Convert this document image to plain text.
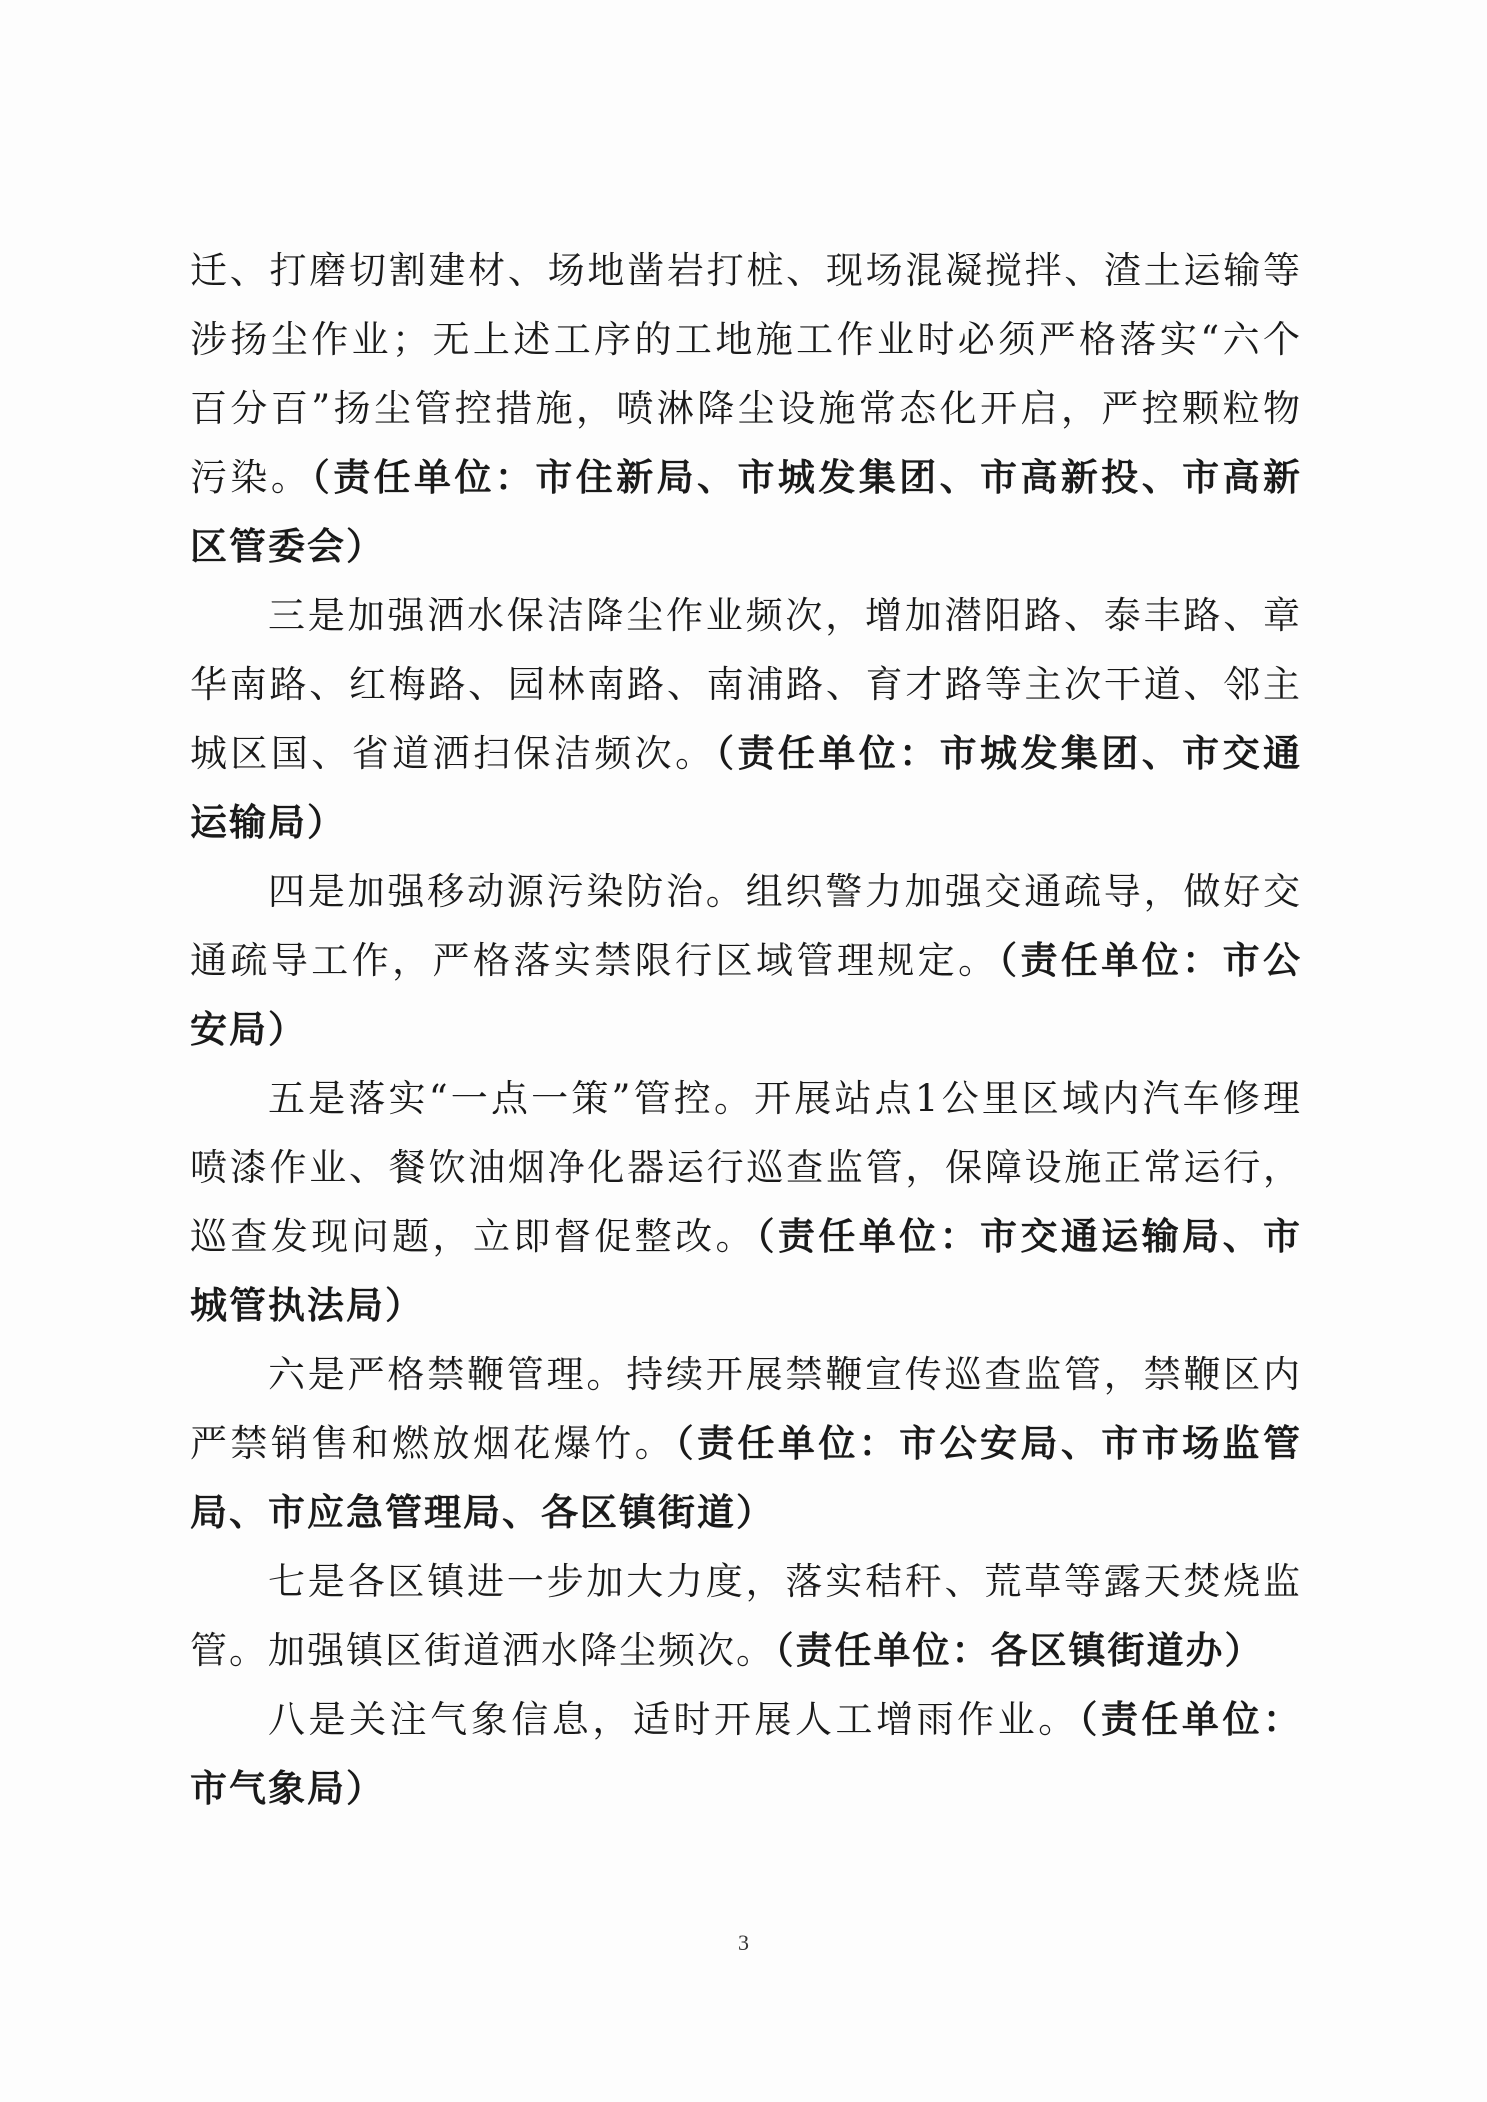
迁、打磨切割建材、场地凿岩打桩、现场混凝搅拌、渣土运输等涉扬尘作业；无上述工序的工地施工作业时必须严格落实“六个百分百”扬尘管控措施，喷淋降尘设施常态化开启，严控颗粒物污染。（责任单位：市住新局、市城发集团、市高新投、市高新区管委会）

三是加强洒水保洁降尘作业频次，增加潜阳路、泰丰路、章华南路、红梅路、园林南路、南浦路、育才路等主次干道、邻主城区国、省道洒扫保洁频次。（责任单位：市城发集团、市交通运输局）

四是加强移动源污染防治。组织警力加强交通疏导，做好交通疏导工作，严格落实禁限行区域管理规定。（责任单位：市公安局）

五是落实“一点一策”管控。开展站点1公里区域内汽车修理喷漆作业、餐饮油烟净化器运行巡查监管，保障设施正常运行，巡查发现问题，立即督促整改。（责任单位：市交通运输局、市城管执法局）

六是严格禁鞭管理。持续开展禁鞭宣传巡查监管，禁鞭区内严禁销售和燃放烟花爆竹。（责任单位：市公安局、市市场监管局、市应急管理局、各区镇街道）

七是各区镇进一步加大力度，落实秸秆、荒草等露天焚烧监管。加强镇区街道洒水降尘频次。（责任单位：各区镇街道办）

八是关注气象信息，适时开展人工增雨作业。（责任单位：市气象局）

3
